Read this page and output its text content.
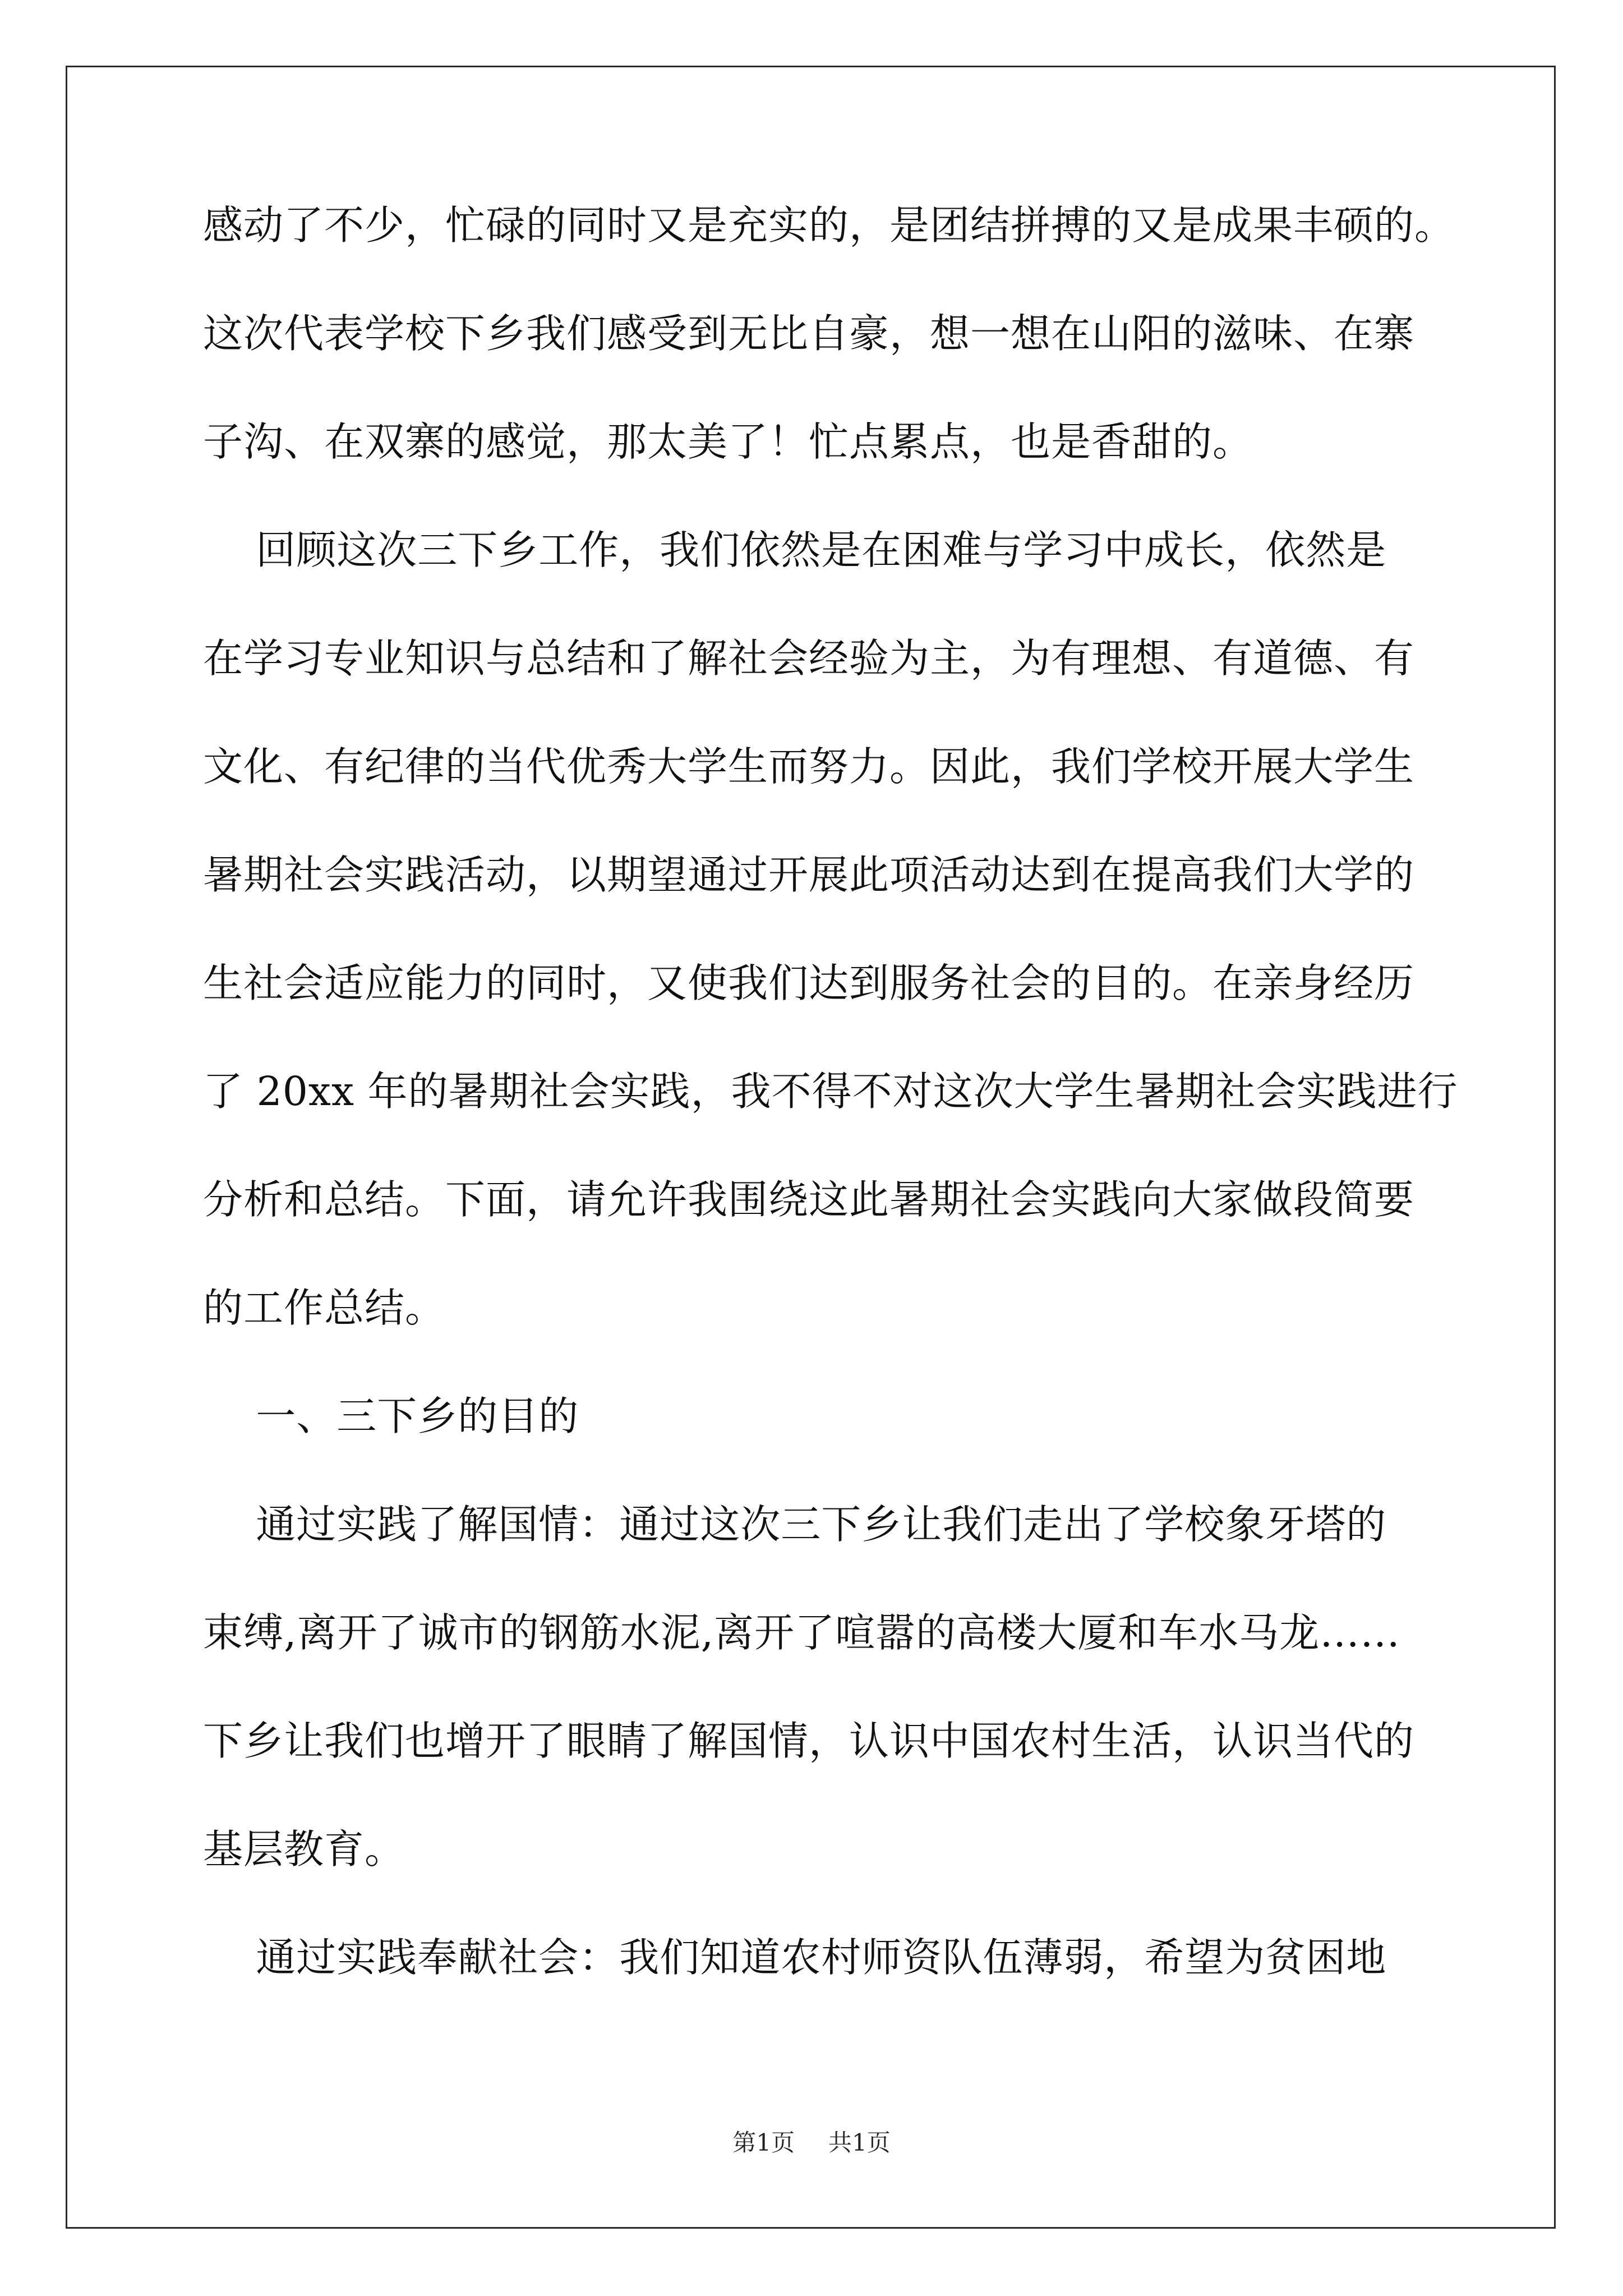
感动了不少，忙碌的同时又是充实的，是团结拼搏的又是成果丰硕的。
这次代表学校下乡我们感受到无比自豪，想一想在山阳的滋味、在寨
子沟、在双寨的感觉，那太美了！忙点累点，也是香甜的。
回顾这次三下乡工作，我们依然是在困难与学习中成长，依然是
在学习专业知识与总结和了解社会经验为主，为有理想、有道德、有
文化、有纪律的当代优秀大学生而努力。因此，我们学校开展大学生
暑期社会实践活动，以期望通过开展此项活动达到在提高我们大学的
生社会适应能力的同时，又使我们达到服务社会的目的。在亲身经历
了 20xx 年的暑期社会实践，我不得不对这次大学生暑期社会实践进行
分析和总结。下面，请允许我围绕这此暑期社会实践向大家做段简要
的工作总结。
一、三下乡的目的
通过实践了解国情：通过这次三下乡让我们走出了学校象牙塔的
束缚,离开了诚市的钢筋水泥,离开了喧嚣的高楼大厦和车水马龙……
下乡让我们也增开了眼睛了解国情，认识中国农村生活，认识当代的
基层教育。
通过实践奉献社会：我们知道农村师资队伍薄弱，希望为贫困地
第1页 共1页
